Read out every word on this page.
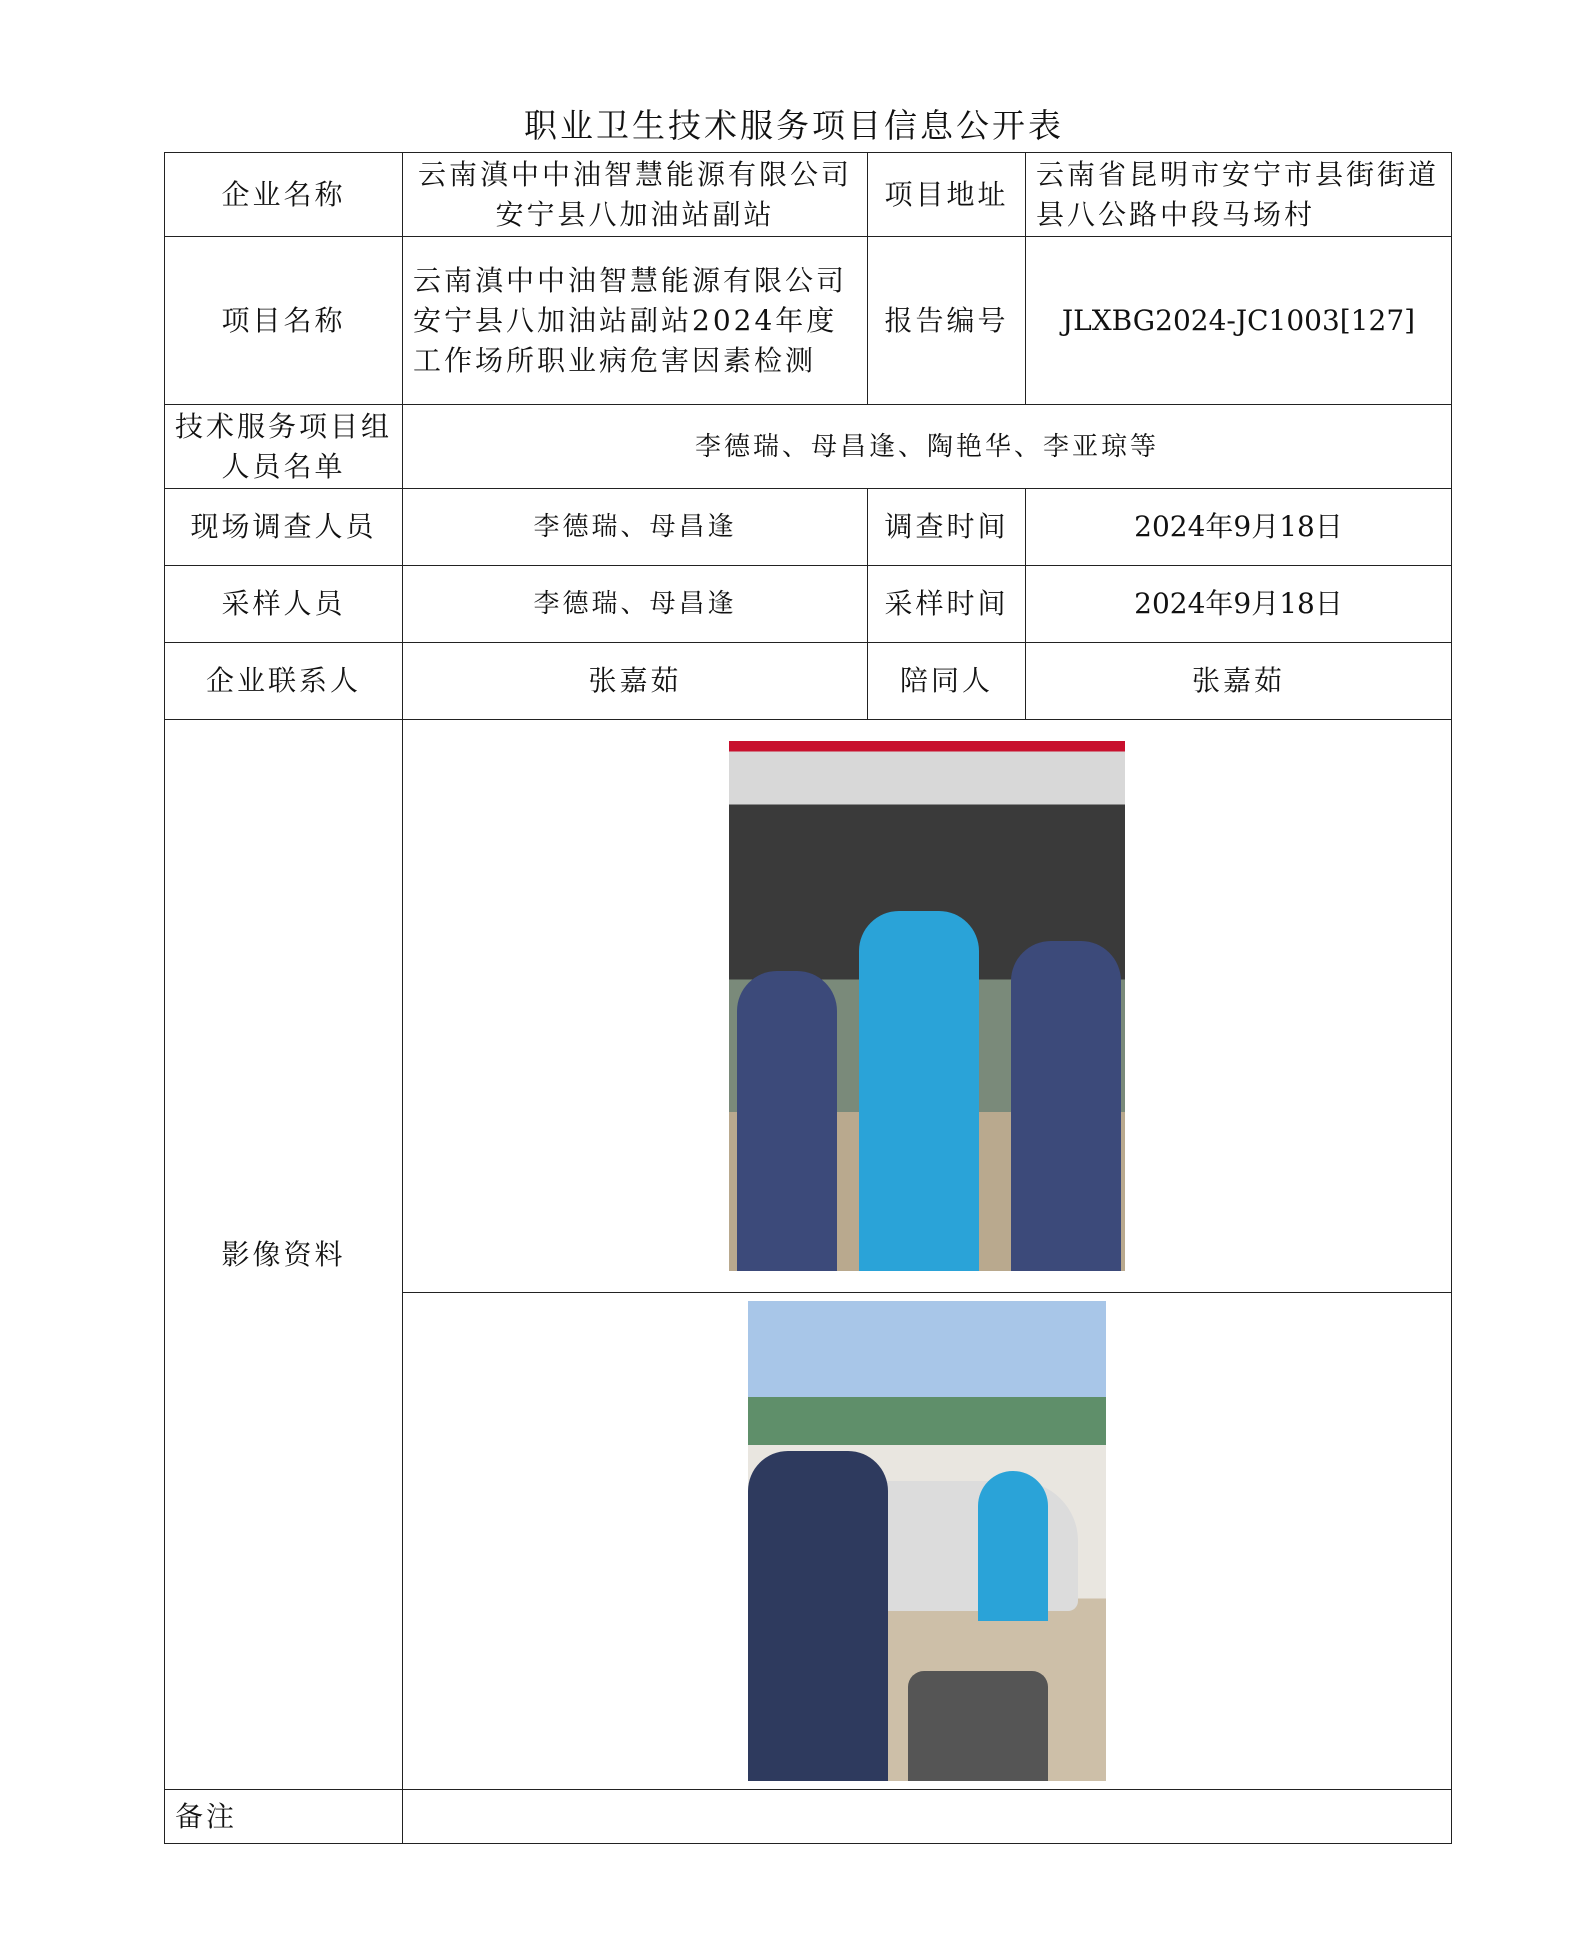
职业卫生技术服务项目信息公开表
企业名称	云南滇中中油智慧能源有限公司安宁县八加油站副站	项目地址	云南省昆明市安宁市县街街道县八公路中段马场村
项目名称	云南滇中中油智慧能源有限公司安宁县八加油站副站2024年度工作场所职业病危害因素检测	报告编号	JLXBG2024-JC1003[127]
技术服务项目组人员名单	李德瑞、母昌逢、陶艳华、李亚琼等		
现场调查人员	李德瑞、母昌逢	调查时间	2024年9月18日
采样人员	李德瑞、母昌逢	采样时间	2024年9月18日
企业联系人	张嘉茹	陪同人	张嘉茹
影像资料			

备注			
